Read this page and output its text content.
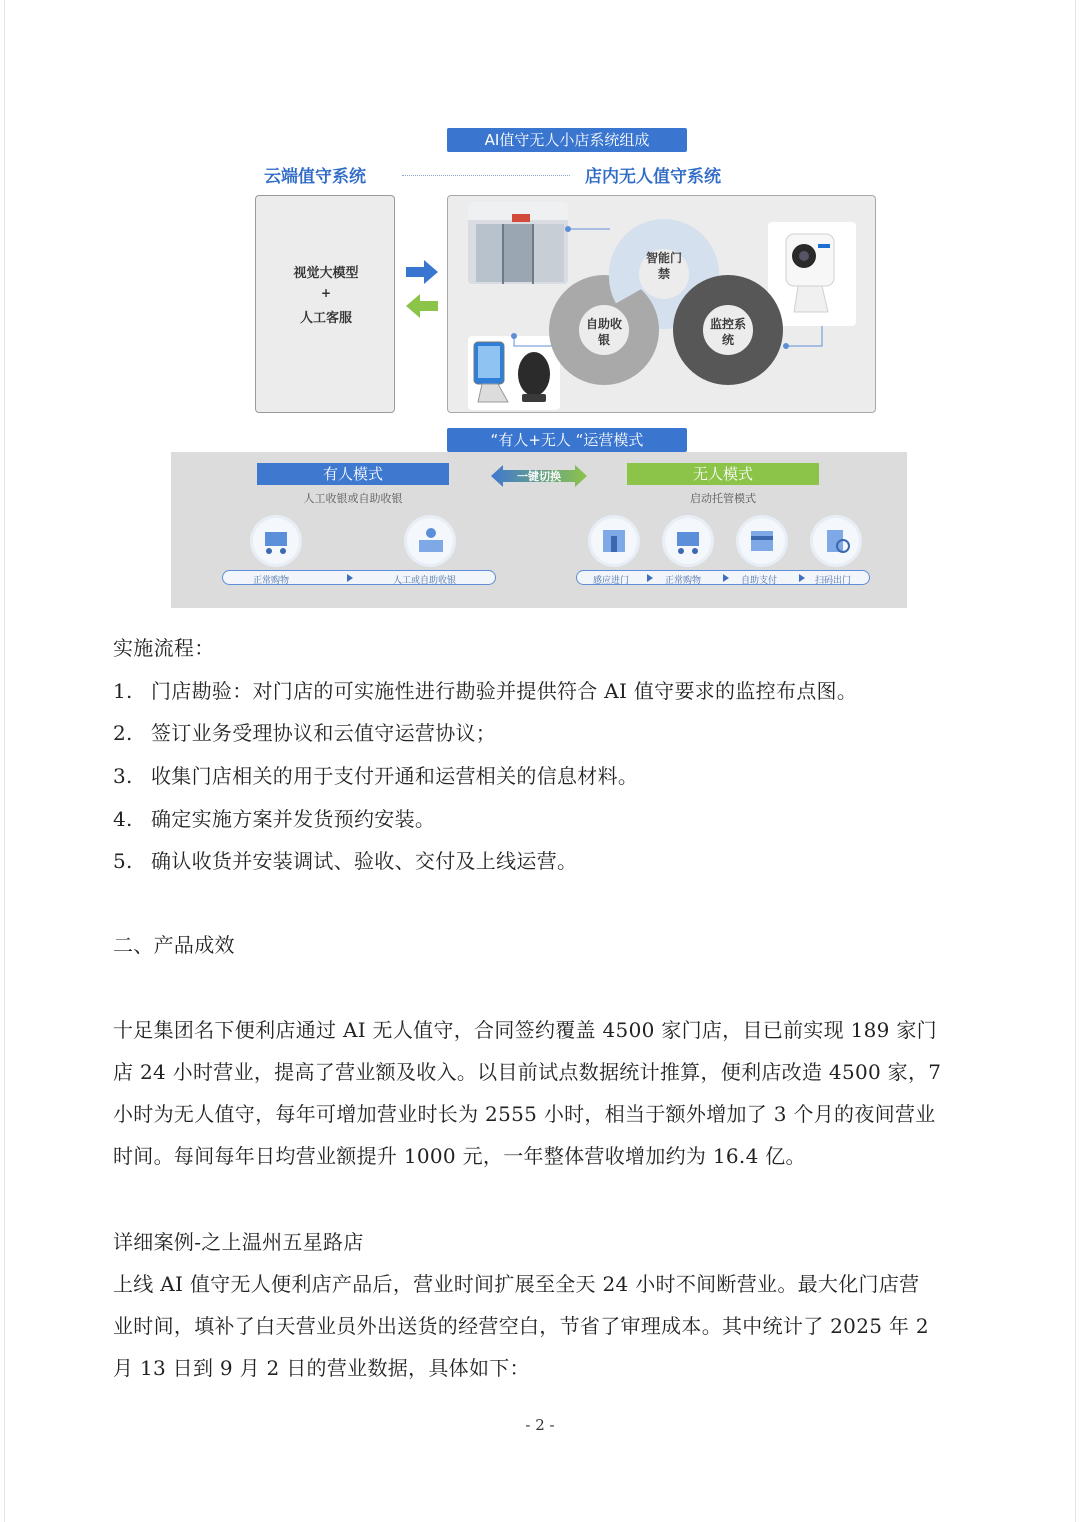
AI值守无人小店系统组成
云端值守系统	店内无人值守系统
视觉大模型
+
人工客服
智能门禁
自助收银
监控系统
“有人+无人 “运营模式
有人模式
人工收银或自助收银
一键切换	无人模式
启动托管模式
正常购物	人工或自助收银	感应进门	正常购物	自助支付	扫码出门
实施流程：
1. 门店勘验：对门店的可实施性进行勘验并提供符合 AI 值守要求的监控布点图。
2. 签订业务受理协议和云值守运营协议；
3. 收集门店相关的用于支付开通和运营相关的信息材料。
4. 确定实施方案并发货预约安装。
5. 确认收货并安装调试、验收、交付及上线运营。
二、产品成效
十足集团名下便利店通过 AI 无人值守，合同签约覆盖 4500 家门店，目已前实现 189 家门
店 24 小时营业，提高了营业额及收入。以目前试点数据统计推算，便利店改造 4500 家，7
小时为无人值守，每年可增加营业时长为 2555 小时，相当于额外增加了 3 个月的夜间营业
时间。每间每年日均营业额提升 1000 元，一年整体营收增加约为 16.4 亿。
详细案例-之上温州五星路店
上线 AI 值守无人便利店产品后，营业时间扩展至全天 24 小时不间断营业。最大化门店营
业时间，填补了白天营业员外出送货的经营空白，节省了审理成本。其中统计了 2025 年 2
月 13 日到 9 月 2 日的营业数据，具体如下：
- 2 -
